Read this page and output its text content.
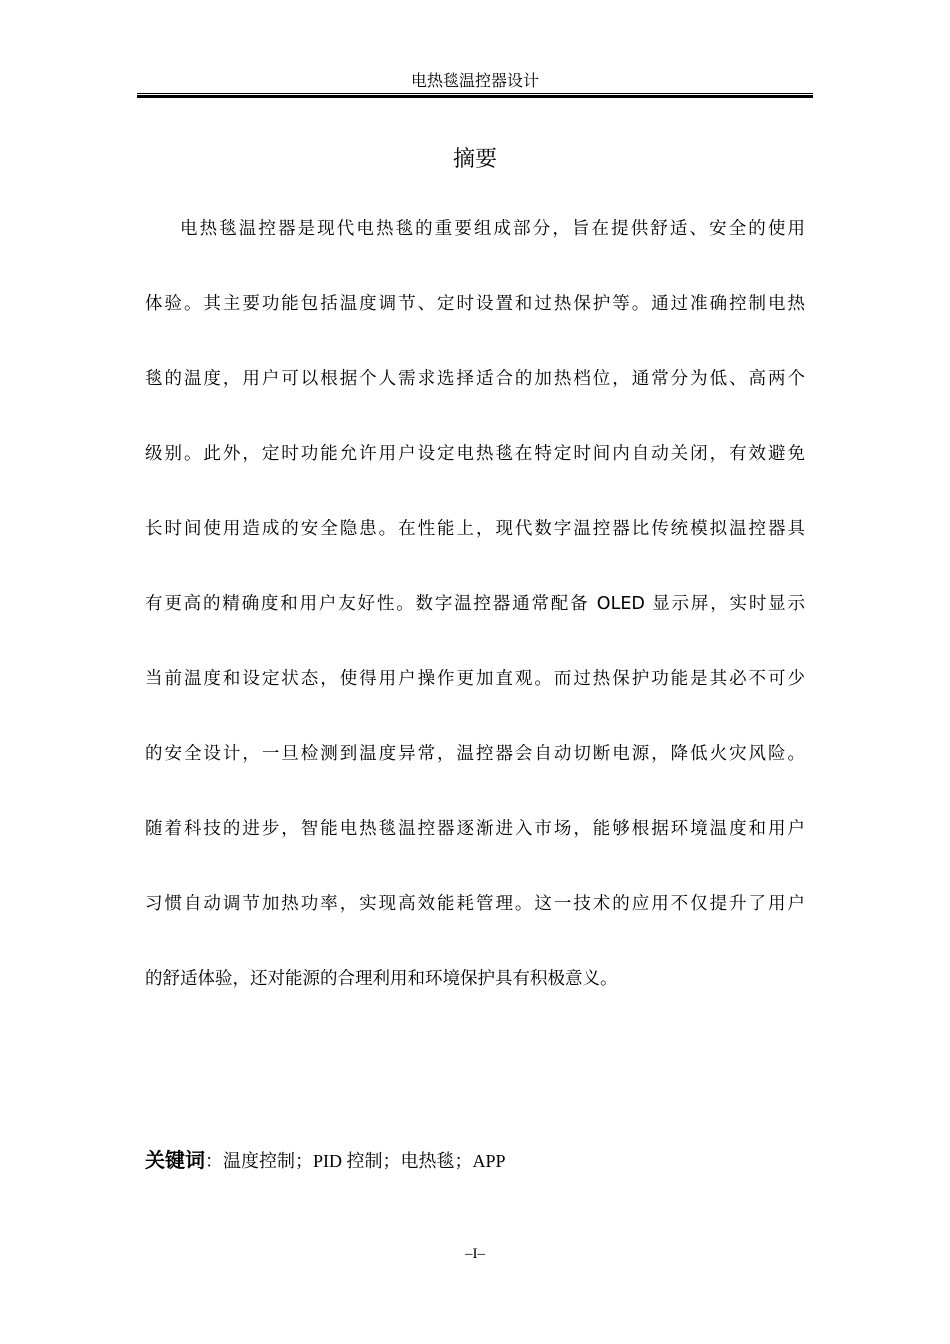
电热毯温控器设计
摘要
电热毯温控器是现代电热毯的重要组成部分，旨在提供舒适、安全的使用
体验。其主要功能包括温度调节、定时设置和过热保护等。通过准确控制电热
毯的温度，用户可以根据个人需求选择适合的加热档位，通常分为低、高两个
级别。此外，定时功能允许用户设定电热毯在特定时间内自动关闭，有效避免
长时间使用造成的安全隐患。在性能上，现代数字温控器比传统模拟温控器具
有更高的精确度和用户友好性。数字温控器通常配备 OLED 显示屏，实时显示
当前温度和设定状态，使得用户操作更加直观。而过热保护功能是其必不可少
的安全设计，一旦检测到温度异常，温控器会自动切断电源，降低火灾风险。
随着科技的进步，智能电热毯温控器逐渐进入市场，能够根据环境温度和用户
习惯自动调节加热功率，实现高效能耗管理。这一技术的应用不仅提升了用户
的舒适体验，还对能源的合理利用和环境保护具有积极意义。
关键词：温度控制；PID 控制；电热毯；APP
–I–
